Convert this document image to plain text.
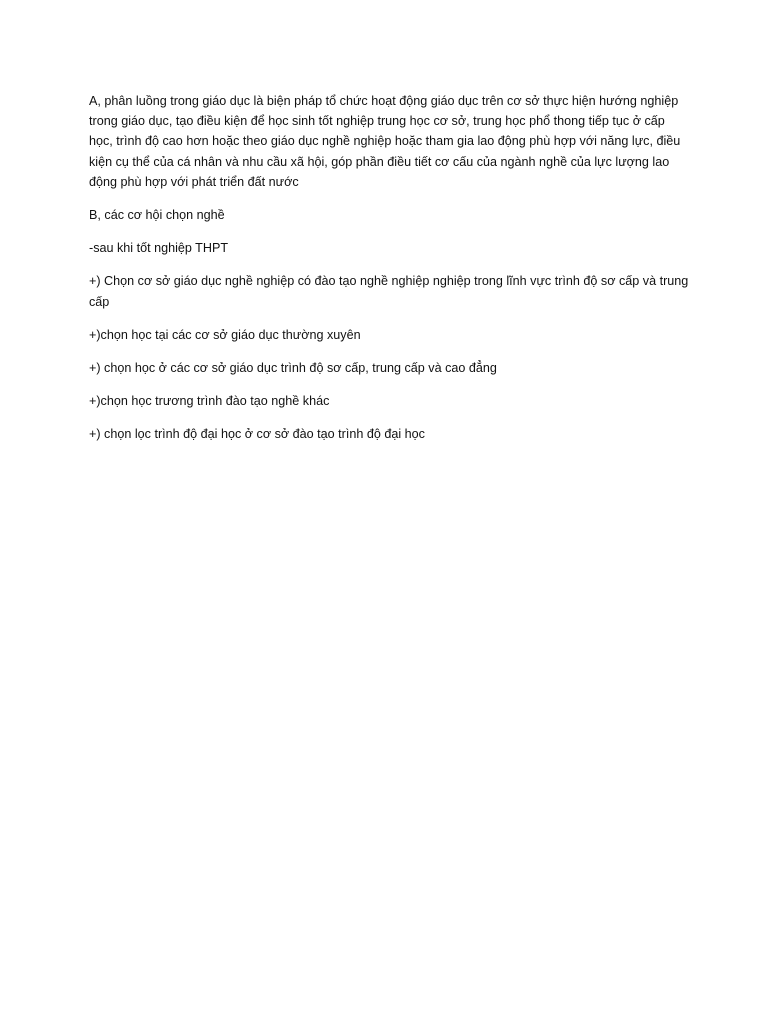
A, phân luồng trong giáo dục là biện pháp tổ chức hoạt động giáo dục trên cơ sở thực hiện hướng nghiệp trong giáo dục, tạo điều kiện để học sinh tốt nghiệp trung học cơ sở, trung học phổ thong tiếp tục ở cấp học, trình độ cao hơn hoặc theo giáo dục nghề nghiệp hoặc tham gia lao động phù hợp với năng lực, điều kiện cụ thể của cá nhân và nhu cầu xã hội, góp phần điều tiết cơ cấu của ngành nghề của lực lượng lao động phù hợp với phát triển đất nước

B, các cơ hội chọn nghề

-sau khi tốt nghiệp THPT

+) Chọn cơ sở giáo dục nghề nghiệp có đào tạo nghề nghiệp nghiệp trong lĩnh vực trình độ sơ cấp và trung cấp

+)chọn học tại các cơ sở giáo dục thường xuyên

+) chọn học ở các cơ sở giáo dục trình độ sơ cấp, trung cấp và cao đẳng

+)chọn học trương trình đào tạo nghề khác

+) chọn lọc trình độ đại học ở cơ sở đào tạo trình độ đại học
